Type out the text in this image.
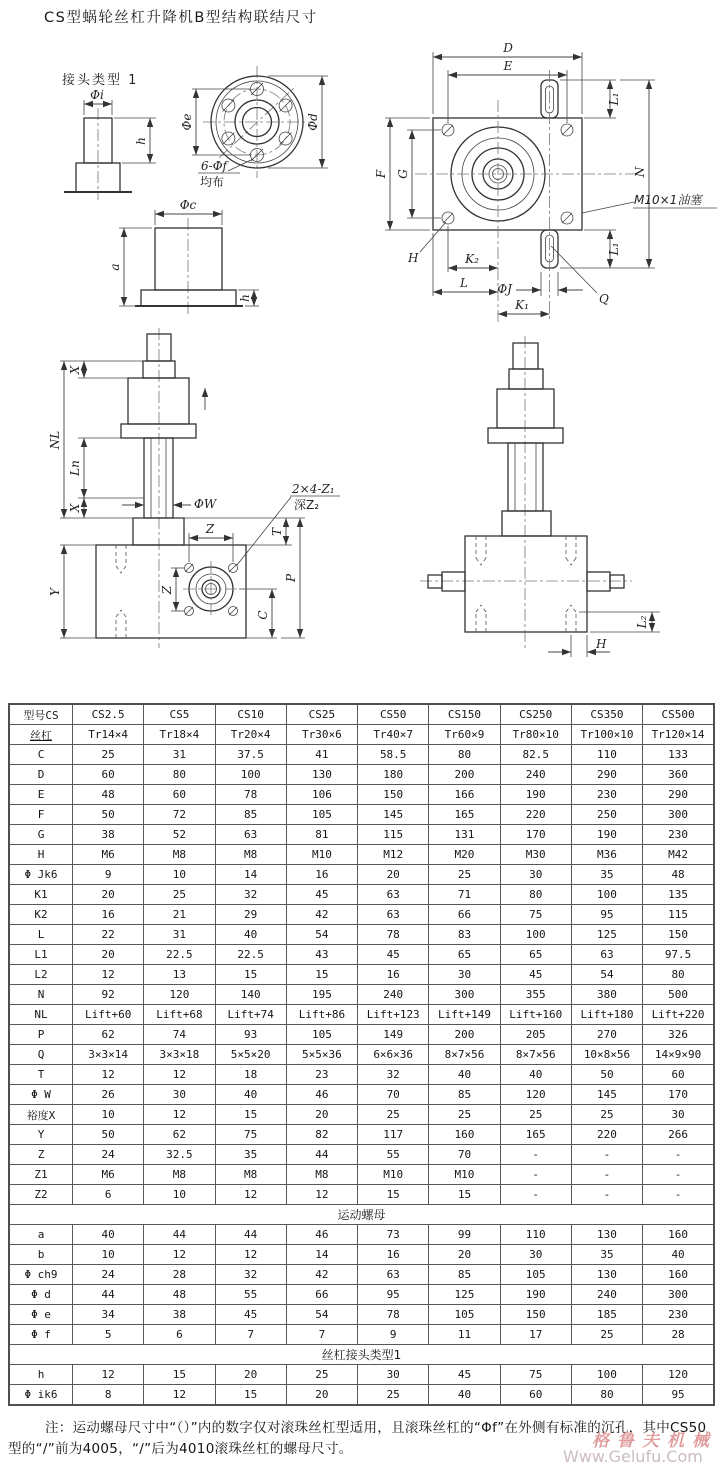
CS型蜗轮丝杠升降机B型结构联结尺寸
接头类型 1
Φi
h
Φe	Φd
6-Φf
均布
Φc
a
h
D
E
F G
H	K₂
L ΦJ
K₁	Q
L₁
L₁
N
M10×1油塞
X
NL
Ln
X	ΦW
Z	T
Y	Z
C
P
2×4-Z₁
深Z₂
H
L₂
型号CS	CS2.5	CS5	CS10	CS25	CS50	CS150	CS250	CS350	CS500
丝杠	Tr14×4	Tr18×4	Tr20×4	Tr30×6	Tr40×7	Tr60×9	Tr80×10	Tr100×10	Tr120×14
C	25	31	37.5	41	58.5	80	82.5	110	133
D	60	80	100	130	180	200	240	290	360
E	48	60	78	106	150	166	190	230	290
F	50	72	85	105	145	165	220	250	300
G	38	52	63	81	115	131	170	190	230
H	M6	M8	M8	M10	M12	M20	M30	M36	M42
Φ Jk6	9	10	14	16	20	25	30	35	48
K1	20	25	32	45	63	71	80	100	135
K2	16	21	29	42	63	66	75	95	115
L	22	31	40	54	78	83	100	125	150
L1	20	22.5	22.5	43	45	65	65	63	97.5
L2	12	13	15	15	16	30	45	54	80
N	92	120	140	195	240	300	355	380	500
NL	Lift+60	Lift+68	Lift+74	Lift+86	Lift+123	Lift+149	Lift+160	Lift+180	Lift+220
P	62	74	93	105	149	200	205	270	326
Q	3×3×14	3×3×18	5×5×20	5×5×36	6×6×36	8×7×56	8×7×56	10×8×56	14×9×90
T	12	12	18	23	32	40	40	50	60
Φ W	26	30	40	46	70	85	120	145	170
裕度X	10	12	15	20	25	25	25	25	30
Y	50	62	75	82	117	160	165	220	266
Z	24	32.5	35	44	55	70	-	-	-
Z1	M6	M8	M8	M8	M10	M10	-	-	-
Z2	6	10	12	12	15	15	-	-	-
运动螺母									
a	40	44	44	46	73	99	110	130	160
b	10	12	12	14	16	20	30	35	40
Φ ch9	24	28	32	42	63	85	105	130	160
Φ d	44	48	55	66	95	125	190	240	300
Φ e	34	38	45	54	78	105	150	185	230
Φ f	5	6	7	7	9	11	17	25	28
丝杠接头类型1									
h	12	15	20	25	30	45	75	100	120
Φ ik6	8	12	15	20	25	40	60	80	95
注：运动螺母尺寸中“（）”内的数字仅对滚珠丝杠型适用，且滚珠丝杠的“Φf”在外侧有标准的沉孔，其中CS50型的“/”前为4005，“/”后为4010滚珠丝杠的螺母尺寸。	格鲁夫机械
Www.Gelufu.Com
